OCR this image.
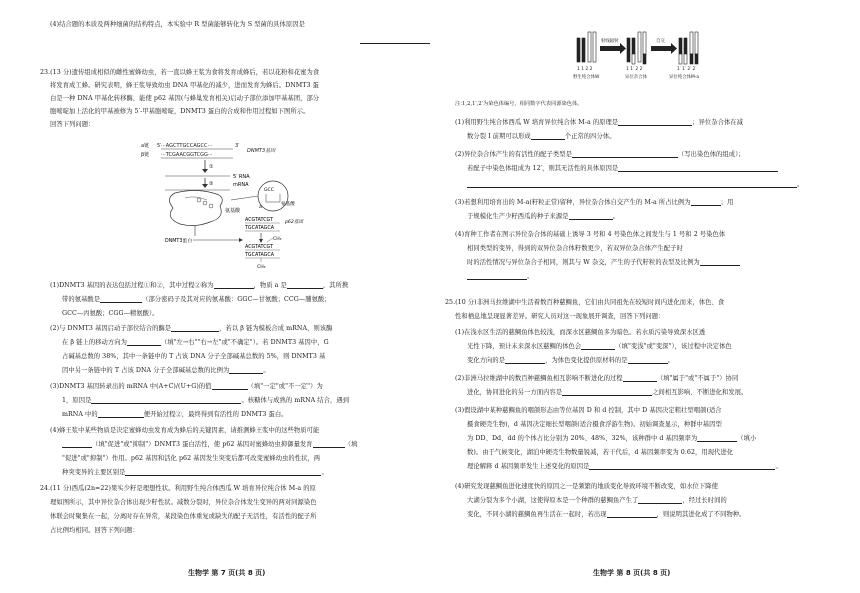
(4)结合题的本质及两种细菌的结构特点，本实验中 R 型菌能够转化为 S 型菌的具体原因是
23.(13 分)遗传组成相似的雌性蜜蜂幼虫，若一直以蜂王浆为食将发育成蜂后，若以花粉和花蜜为食
将发育成工蜂。研究表明，蜂王浆导致幼虫 DNA 甲基化的减少，进而发育为蜂后。DNMT3 蛋
白是一种 DNA 甲基化转移酶，能使 p62 基因(与蜂巢发育相关)启动子部位添加甲基基团，部分
胞嘧啶加上活化的甲基被修为 5′-甲基胞嘧啶，DNMT3 蛋白的合成和作用过程如下图所示。
回答下列问题：
a链
β链
···AGCTTGCCAGCC···
···TCGAACGGTCGG···
DNMT3基因
5′	3′
①
5′ RNA
mRNA
②
氨基酸
GCC
氨基酸
a
p62基因
ACGTATCGT
TGCATAGCA
DNMT3蛋白	CH₃
ACGTATCGT
TGCATAGCA
CH₃
(1)DNMT3 基因的表达包括过程①和②，其中过程②称为	，物质 a 是	，其所携
带的氨基酸是	（部分密码子及其对应的氨基酸：GGC—甘氨酸；CCG—脯氨酸；
GCC—丙氨酸；CGG—精氨酸）。
(2)与 DNMT3 基因启动子部位结合的酶是	，若以 β 链为模板合成 mRNA，则该酶
在 β 链上的移动方向为	（填"左→右""右→左"或"不确定"）。若 DNMT3 基因中，G
占碱基总数的 38%，其中一条链中的 T 占该 DNA 分子全部碱基总数的 5%，则 DNMT3 基
因中另一条链中的 T 占该 DNA 分子全部碱基总数的比例为	。
(3)DNMT3 基因转录出的 mRNA 中(A+C)/(U+G)的值	（填"一定"或"不一定"）为
1，原因是	。核糖体与成熟的 mRNA 结合，遇到
mRNA 中的	便开始过程②，最终得到有活性的 DNMT3 蛋白。
(4)蜂王浆中某些物质是决定蜜蜂幼虫发育成为蜂后的关键因素，请推测蜂王浆中的这些物质可能
（填"促进"或"抑制"）DNMT3 蛋白活性，使 p62 基因对蜜蜂幼虫抑御量发育	（填
"促进"或"抑制"）作用。p62 基因和活化 p62 基因发生突变后都可改变蜜蜂幼虫的性状，两
种突变异的主要区别是	。
24.(11 分)西瓜(2n=22)果实少籽是理想性状。利用野生纯合体西瓜 W 培育异位纯合体 M-a 的原
理如图所示，其中异位杂合体出现少籽性状。减数分裂时，异位杂合体发生变异的两对同源染色
体联会时聚集在一起，分离时存在异常，某段染色体重复或缺失的配子无活性，有活性的配子所
占比例均相同。回答下列问题：
生物学 第 7 页(共 8 页)
射线辐射	自交
1 1 2 2	1 1′ 2 2′	1′ 1′ 2′ 2′
野生纯合体W	异位杂合体	异位纯合体M-a
注:1,2,1′,2′为染色体编号，相同数字代表同源染色体。
(1)利用野生纯合体西瓜 W 培育异位纯合体 M-a 的原理是	；异位杂合体在减
数分裂 I 前期可以形成	个正常的四分体。
(2)异位杂合体产生的有活性的配子类型是	（写出染色体的组成）；
若配子中染色体组成为 12′，则其无活性的具体原因是
。
(3)若想利用培育出的 M-a(籽粒正常)留种，异位杂合体自交产生的 M-a 所占比例为	；用
于规模化生产少籽西瓜的种子来源是	。
(4)育种工作者在图示异位杂合体的基础上诱导 3 号和 4 号染色体之间发生与 1 号和 2 号染色体
相同类型的变异，得到的双异位杂合体籽数更少，若双异位杂合体产生配子时
时的活性情况与异位杂合子相同，则其与 W 杂交，产生的子代籽粒的表型及比例为
。
25.(10 分)非洲马拉维湖中生活着数百种慈鲷鱼，它们由共同祖先在较短时间内进化而来，体色、食
性和栖息地呈现显著差异。研究人员对这一现象展开调查，回答下列问题：
(1)在浅水区生活的慈鲷鱼体色较浅，而深水区慈鲷鱼多为暗色。若水质污染导致深水区透
光性下降，预计未来深水区慈鲷的体色会	（填"变浅"或"变深"），该过程中决定体色
变化方向的是	，为体色变化提供原材料的是	。
(2)非洲马拉维湖中的数百种慈鲷鱼相互影响不断进化的过程	（填"属于"或"不属于"）协同
进化，协同进化的另一方面内容是	之间相互影响、不断进化和发展。
(3)假设湖中某种慈鲷鱼的咽颌形态由等位基因 D 和 d 控制，其中 D 基因决定粗壮型咽颌(适合
摄食硬壳生物)，d 基因决定细长型咽颌(适合摄食浮游生物)。初始调查显示，种群中基因型
为 DD、Dd、dd 的个体占比分别为 20%、48%、32%，该种群中 d 基因频率为	（填小
数)。由于气候变化，湖泊中硬壳生物数量锐减，若干代后，d 基因频率变为 0.62，用现代进化
理论解释 d 基因频率发生上述变化的原因是	。
(4)研究发现慈鲷鱼进化速度快的原因之一是频繁的地质变化导致环境不断改变，如水位下降使
大湖分裂为多个小湖，这使得原本是一个种群的慈鲷鱼产生了	，经过长时间的
变化，不同小湖的慈鲷鱼再生活在一起时，若出现	，则说明其进化成了不同物种。
生物学 第 8 页(共 8 页)
